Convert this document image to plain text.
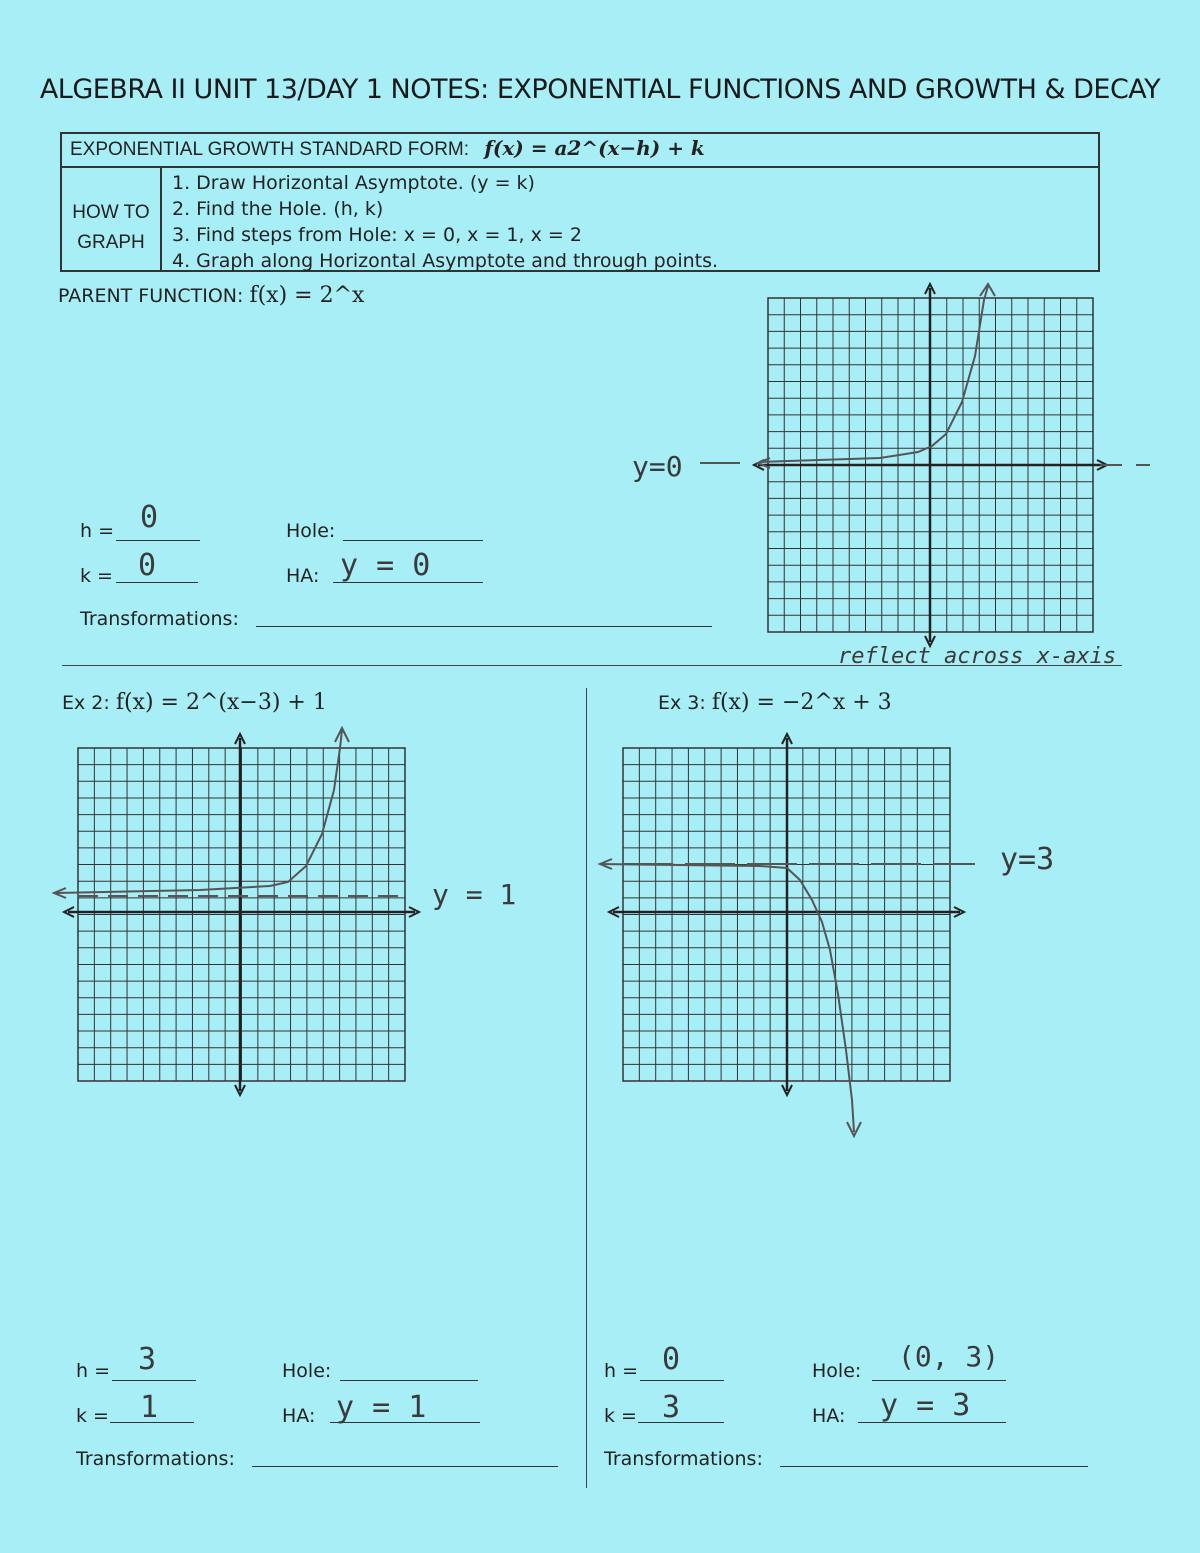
ALGEBRA II UNIT 13/DAY 1 NOTES: EXPONENTIAL FUNCTIONS AND GROWTH & DECAY
EXPONENTIAL GROWTH STANDARD FORM: f(x) = a2^(x−h) + k
HOW TO
GRAPH
1. Draw Horizontal Asymptote. (y = k)
2. Find the Hole. (h, k)
3. Find steps from Hole: x = 0, x = 1, x = 2
4. Graph along Horizontal Asymptote and through points.
PARENT FUNCTION: f(x) = 2^x
h = 0
k = 0
Hole:
HA: y = 0
Transformations:
y=0
Ex 2: f(x) = 2^(x−3) + 1
y = 1
h = 3
k = 1
Hole:
HA: y = 1
Transformations:
Ex 3: f(x) = −2^x + 3
reflect across x-axis
y=3
h = 0
k = 3
Hole: (0, 3)
HA: y = 3
Transformations:
